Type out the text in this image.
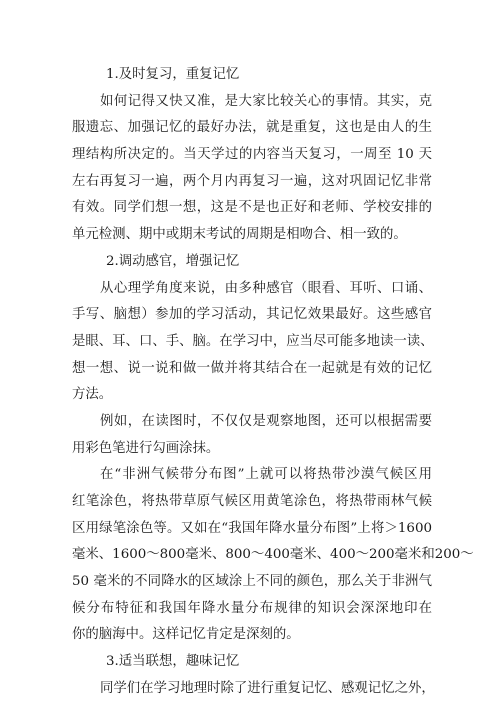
1.及时复习，重复记忆
如何记得又快又准，是大家比较关心的事情。其实，克
服遗忘、加强记忆的最好办法，就是重复，这也是由人的生
理结构所决定的。当天学过的内容当天复习，一周至 10 天
左右再复习一遍，两个月内再复习一遍，这对巩固记忆非常
有效。同学们想一想，这是不是也正好和老师、学校安排的
单元检测、期中或期末考试的周期是相吻合、相一致的。
2.调动感官，增强记忆
从心理学角度来说，由多种感官（眼看、耳听、口诵、
手写、脑想）参加的学习活动，其记忆效果最好。这些感官
是眼、耳、口、手、脑。在学习中，应当尽可能多地读一读、
想一想、说一说和做一做并将其结合在一起就是有效的记忆
方法。
例如，在读图时，不仅仅是观察地图，还可以根据需要
用彩色笔进行勾画涂抹。
在“非洲气候带分布图”上就可以将热带沙漠气候区用
红笔涂色，将热带草原气候区用黄笔涂色，将热带雨林气候
区用绿笔涂色等。又如在“我国年降水量分布图”上将＞1600
毫米、1600～800毫米、800～400毫米、400～200毫米和200～
50 毫米的不同降水的区域涂上不同的颜色，那么关于非洲气
候分布特征和我国年降水量分布规律的知识会深深地印在
你的脑海中。这样记忆肯定是深刻的。
3.适当联想，趣味记忆
同学们在学习地理时除了进行重复记忆、感观记忆之外，
